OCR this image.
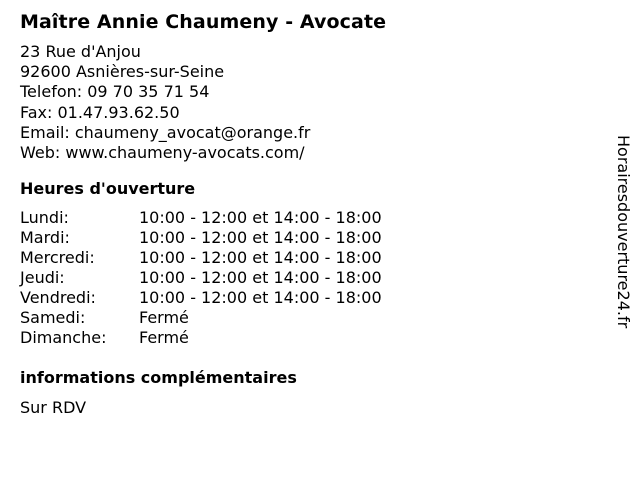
Maître Annie Chaumeny - Avocate
23 Rue d'Anjou
92600 Asnières-sur-Seine
Telefon: 09 70 35 71 54
Fax: 01.47.93.62.50
Email: chaumeny_avocat@orange.fr
Web: www.chaumeny-avocats.com/
Heures d'ouverture
Lundi:	10:00 - 12:00 et 14:00 - 18:00
Mardi:	10:00 - 12:00 et 14:00 - 18:00
Mercredi:	10:00 - 12:00 et 14:00 - 18:00
Jeudi:	10:00 - 12:00 et 14:00 - 18:00
Vendredi:	10:00 - 12:00 et 14:00 - 18:00
Samedi:	Fermé
Dimanche:	Fermé
informations complémentaires
Sur RDV
Horairesdouverture24.fr
